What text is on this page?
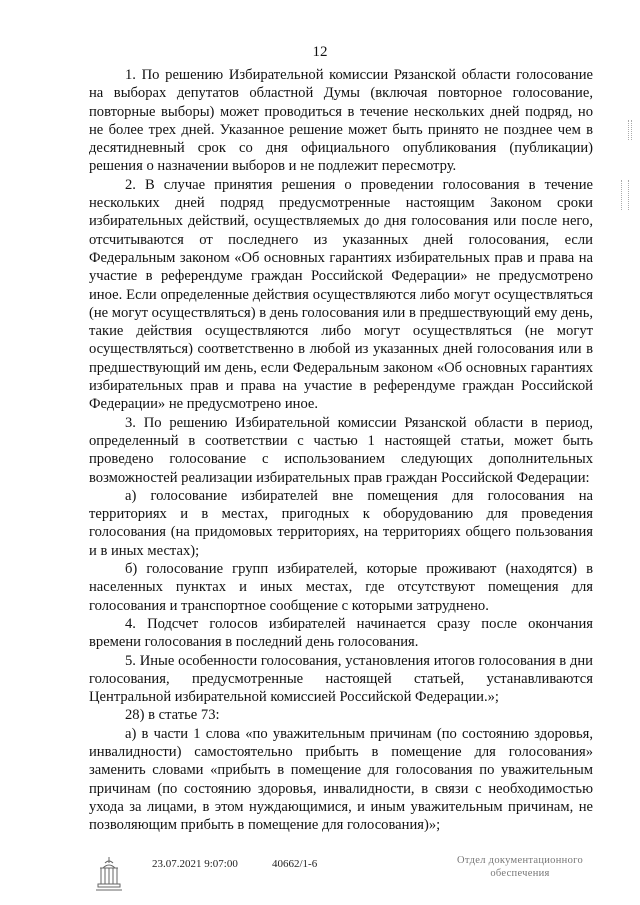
12

1. По решению Избирательной комиссии Рязанской области голосование на выборах депутатов областной Думы (включая повторное голосование, повторные выборы) может проводиться в течение нескольких дней подряд, но не более трех дней. Указанное решение может быть принято не позднее чем в десятидневный срок со дня официального опубликования (публикации) решения о назначении выборов и не подлежит пересмотру.

2. В случае принятия решения о проведении голосования в течение нескольких дней подряд предусмотренные настоящим Законом сроки избирательных действий, осуществляемых до дня голосования или после него, отсчитываются от последнего из указанных дней голосования, если Федеральным законом «Об основных гарантиях избирательных прав и права на участие в референдуме граждан Российской Федерации» не предусмотрено иное. Если определенные действия осуществляются либо могут осуществляться (не могут осуществляться) в день голосования или в предшествующий ему день, такие действия осуществляются либо могут осуществляться (не могут осуществляться) соответственно в любой из указанных дней голосования или в предшествующий им день, если Федеральным законом «Об основных гарантиях избирательных прав и права на участие в референдуме граждан Российской Федерации» не предусмотрено иное.

3. По решению Избирательной комиссии Рязанской области в период, определенный в соответствии с частью 1 настоящей статьи, может быть проведено голосование с использованием следующих дополнительных возможностей реализации избирательных прав граждан Российской Федерации:

а) голосование избирателей вне помещения для голосования на территориях и в местах, пригодных к оборудованию для проведения голосования (на придомовых территориях, на территориях общего пользования и в иных местах);

б) голосование групп избирателей, которые проживают (находятся) в населенных пунктах и иных местах, где отсутствуют помещения для голосования и транспортное сообщение с которыми затруднено.

4. Подсчет голосов избирателей начинается сразу после окончания времени голосования в последний день голосования.

5. Иные особенности голосования, установления итогов голосования в дни голосования, предусмотренные настоящей статьей, устанавливаются Центральной избирательной комиссией Российской Федерации.»;

28) в статье 73:

а) в части 1 слова «по уважительным причинам (по состоянию здоровья, инвалидности) самостоятельно прибыть в помещение для голосования» заменить словами «прибыть в помещение для голосования по уважительным причинам (по состоянию здоровья, инвалидности, в связи с необходимостью ухода за лицами, в этом нуждающимися, и иным уважительным причинам, не позволяющим прибыть в помещение для голосования)»;

23.07.2021 9:07:00	40662/1-6	Отдел документационного
обеспечения
